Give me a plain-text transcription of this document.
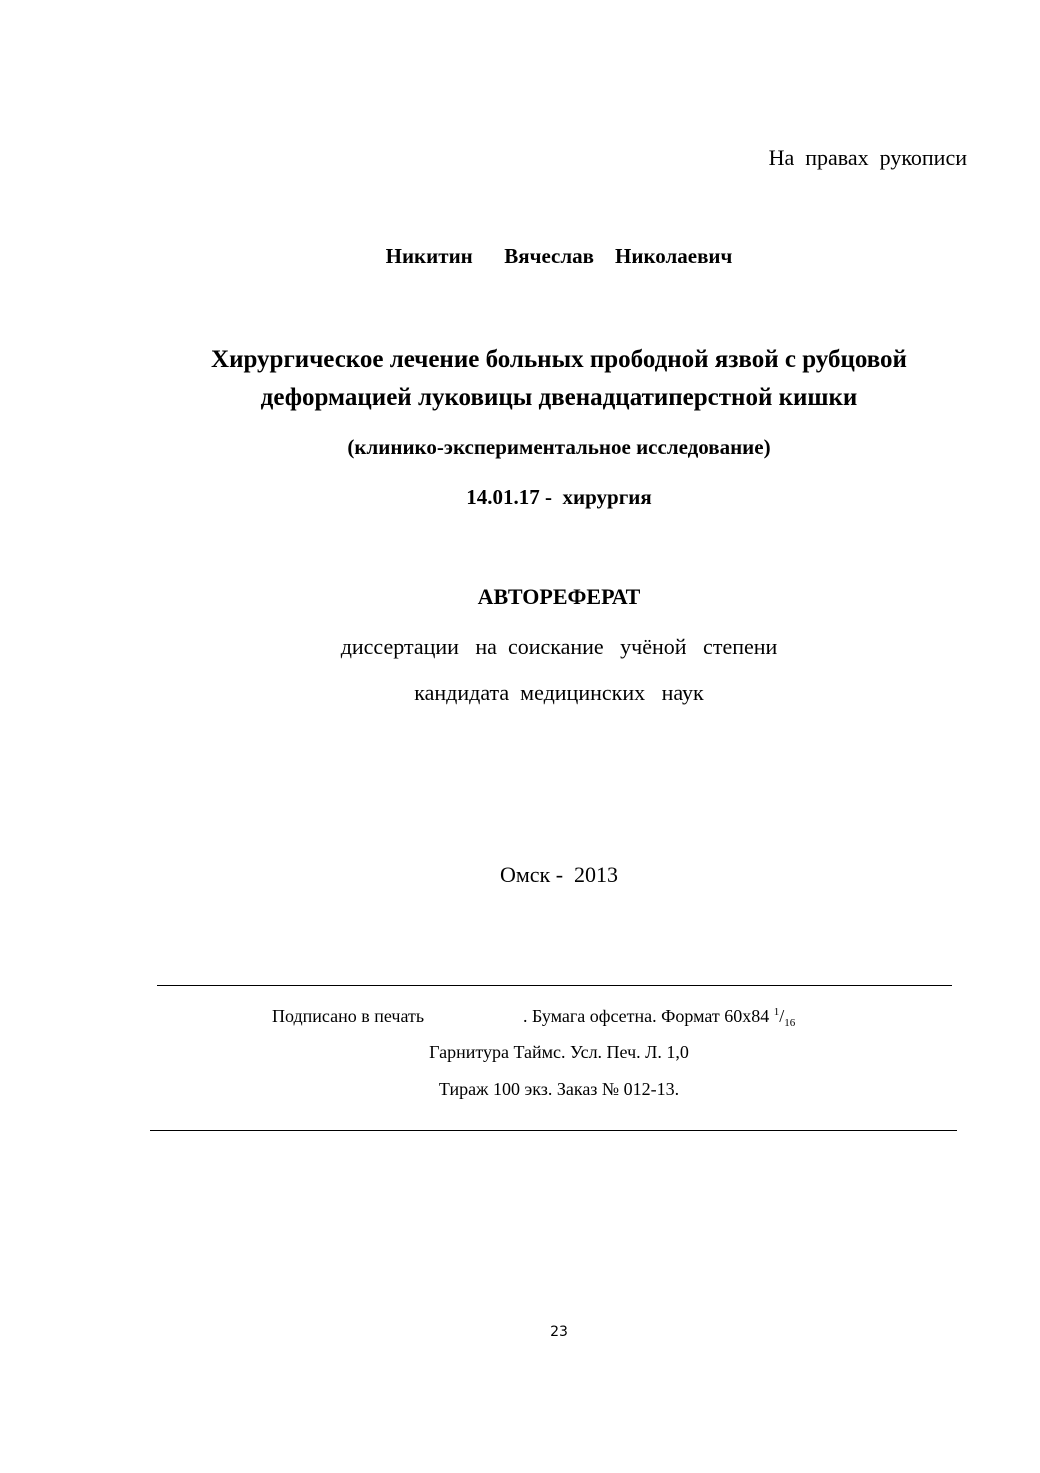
На  правах  рукописи
Никитин      Вячеслав    Николаевич
Хирургическое лечение больных прободной язвой с рубцовой
деформацией луковицы двенадцатиперстной кишки
(клинико-экспериментальное исследование)
14.01.17 -  хирургия
АВТОРЕФЕРАТ
диссертации   на  соискание   учёной   степени
кандидата  медицинских   наук
Омск -  2013
Подписано в печать	. Бумага офсетна. Формат 60х84 $^1/_{16}$
Гарнитура Таймс. Усл. Печ. Л. 1,0
Тираж 100 экз. Заказ № 012-13.
23
